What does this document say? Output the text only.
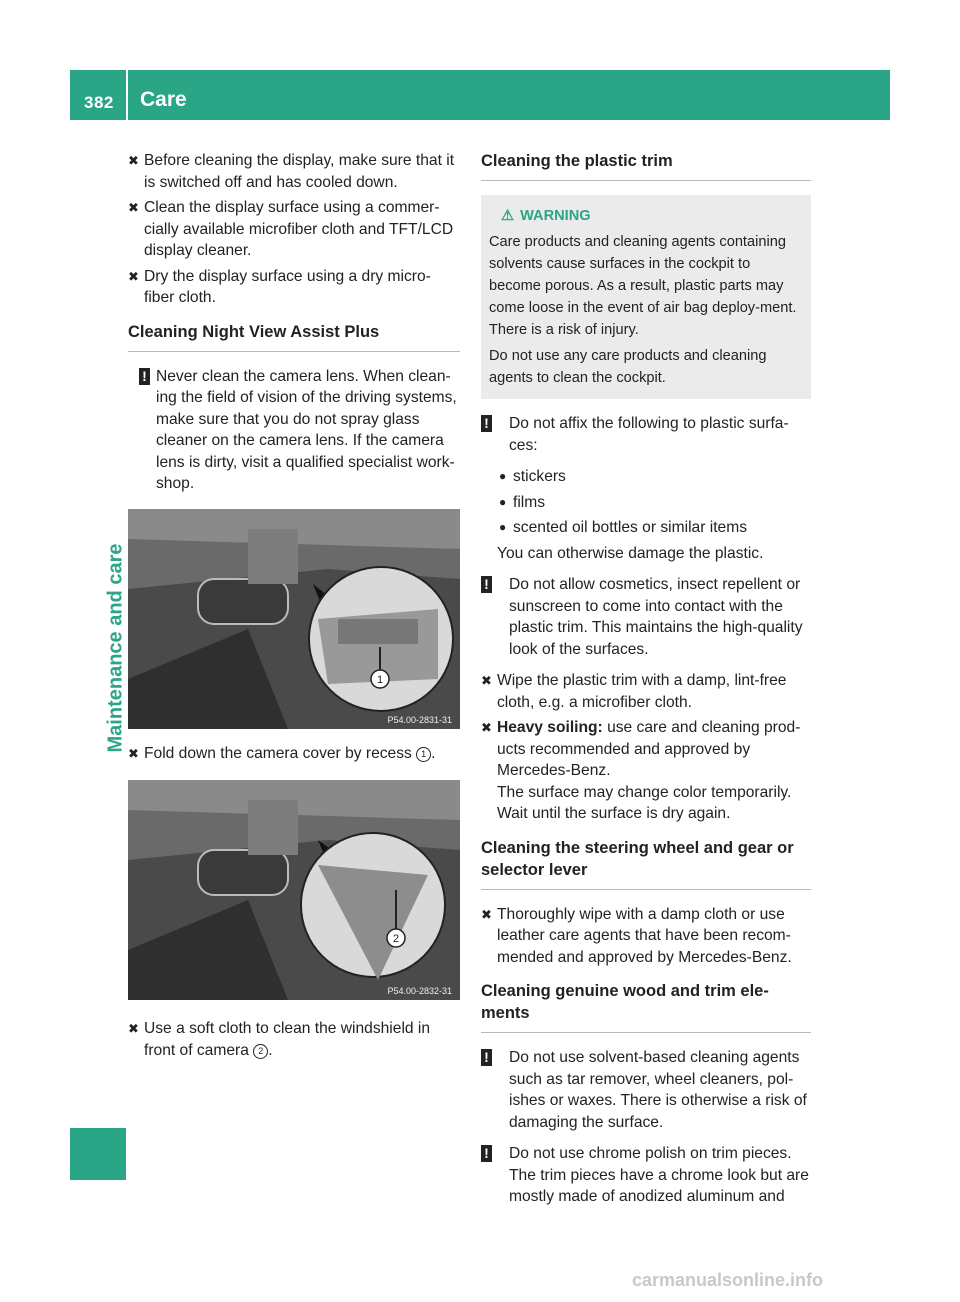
382 Care
Maintenance and care
✖ Before cleaning the display, make sure that it is switched off and has cooled down.
✖ Clean the display surface using a commer-cially available microfiber cloth and TFT/LCD display cleaner.
✖ Dry the display surface using a dry micro-fiber cloth.
Cleaning Night View Assist Plus
! Never clean the camera lens. When clean-ing the field of vision of the driving systems, make sure that you do not spray glass cleaner on the camera lens. If the camera lens is dirty, visit a qualified specialist work-shop.
1
P54.00-2831-31
✖ Fold down the camera cover by recess 1 .
2
P54.00-2832-31
✖ Use a soft cloth to clean the windshield in front of camera 2 .
Cleaning the plastic trim
⚠ WARNING
Care products and cleaning agents containing solvents cause surfaces in the cockpit to become porous. As a result, plastic parts may come loose in the event of air bag deploy-ment. There is a risk of injury.
Do not use any care products and cleaning agents to clean the cockpit.
! Do not affix the following to plastic surfa-ces:
● stickers
● films
● scented oil bottles or similar items
You can otherwise damage the plastic.
! Do not allow cosmetics, insect repellent or sunscreen to come into contact with the plastic trim. This maintains the high-quality look of the surfaces.
✖ Wipe the plastic trim with a damp, lint-free cloth, e.g. a microfiber cloth.
✖ Heavy soiling: use care and cleaning prod-ucts recommended and approved by Mercedes-Benz.
The surface may change color temporarily. Wait until the surface is dry again.
Cleaning the steering wheel and gear or selector lever
✖ Thoroughly wipe with a damp cloth or use leather care agents that have been recom-mended and approved by Mercedes-Benz.
Cleaning genuine wood and trim ele-ments
! Do not use solvent-based cleaning agents such as tar remover, wheel cleaners, pol-ishes or waxes. There is otherwise a risk of damaging the surface.
! Do not use chrome polish on trim pieces. The trim pieces have a chrome look but are mostly made of anodized aluminum and
carmanualsonline.info
